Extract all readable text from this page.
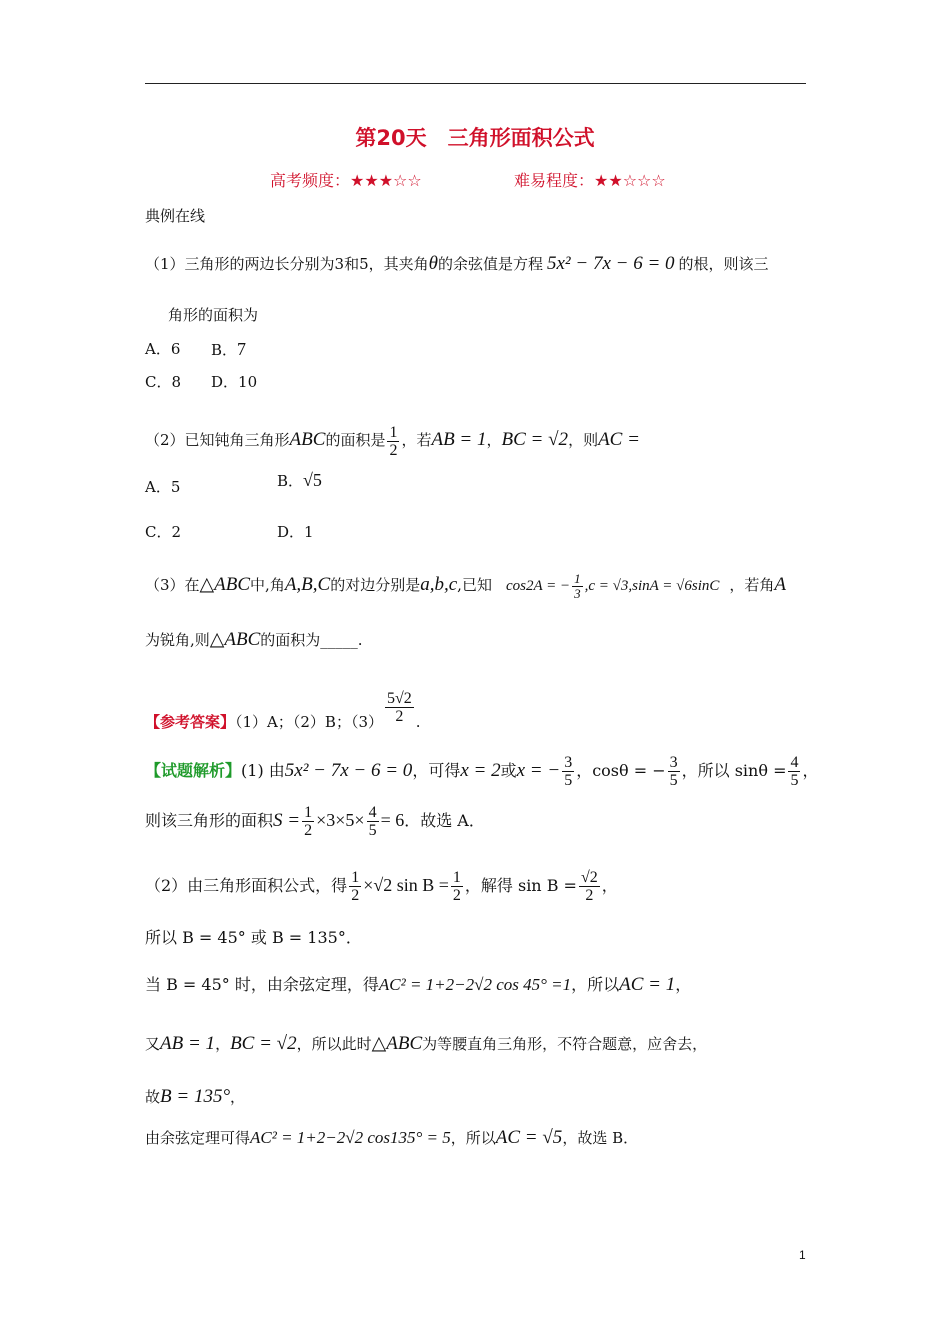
第20天　三角形面积公式
高考频度：★★★☆☆	难易程度：★★☆☆☆
典例在线
（1）三角形的两边长分别为3和5，其夹角θ的余弦值是方程 5x² − 7x − 6 = 0 的根，则该三
角形的面积为
A．6 B．7
C．8 D．10
（2）已知钝角三角形ABC的面积是 $\frac{1}{2}$ ，若AB = 1，BC = √2，则AC =
A．5	B．√5
C．2	D．1
（3）在△ABC中,角A,B,C的对边分别是a,b,c,已知 cos2A = − $\frac{1}{3} ,c = √3,\sin A = √6\sin C$ ，若角A
为锐角,则△ABC的面积为_____.
【参考答案】（1）A；（2）B；$(3) \frac{5√2}{2}$ .
【试题解析】(1) 由5x² − 7x − 6 = 0，可得x = 2或x = − $\frac{3}{5}$ ，cosθ = − $\frac{3}{5}$ ，所以 $\sin\theta = \frac{4}{5}$ ，
则该三角形的面积$S = \frac{1}{2} \times 3\times 5\times \frac{4}{5} = 6$．故选 A．
（2）由三角形面积公式，得 $\frac{1}{2} \times√2$ $\sin B = \frac{1}{2}$ ，解得 $\sin B = \frac{√2}{2}$ ，
所以 B = 45° 或 B = 135°．
当 B = 45° 时，由余弦定理，得AC² = 1+2−2√2 cos 45° =1，所以AC = 1，
又AB = 1，BC = √2，所以此时△ABC为等腰直角三角形，不符合题意，应舍去，
故B = 135°，
由余弦定理可得AC² = 1+2−2√2 cos135° = 5，所以AC = √5，故选 B．
1
